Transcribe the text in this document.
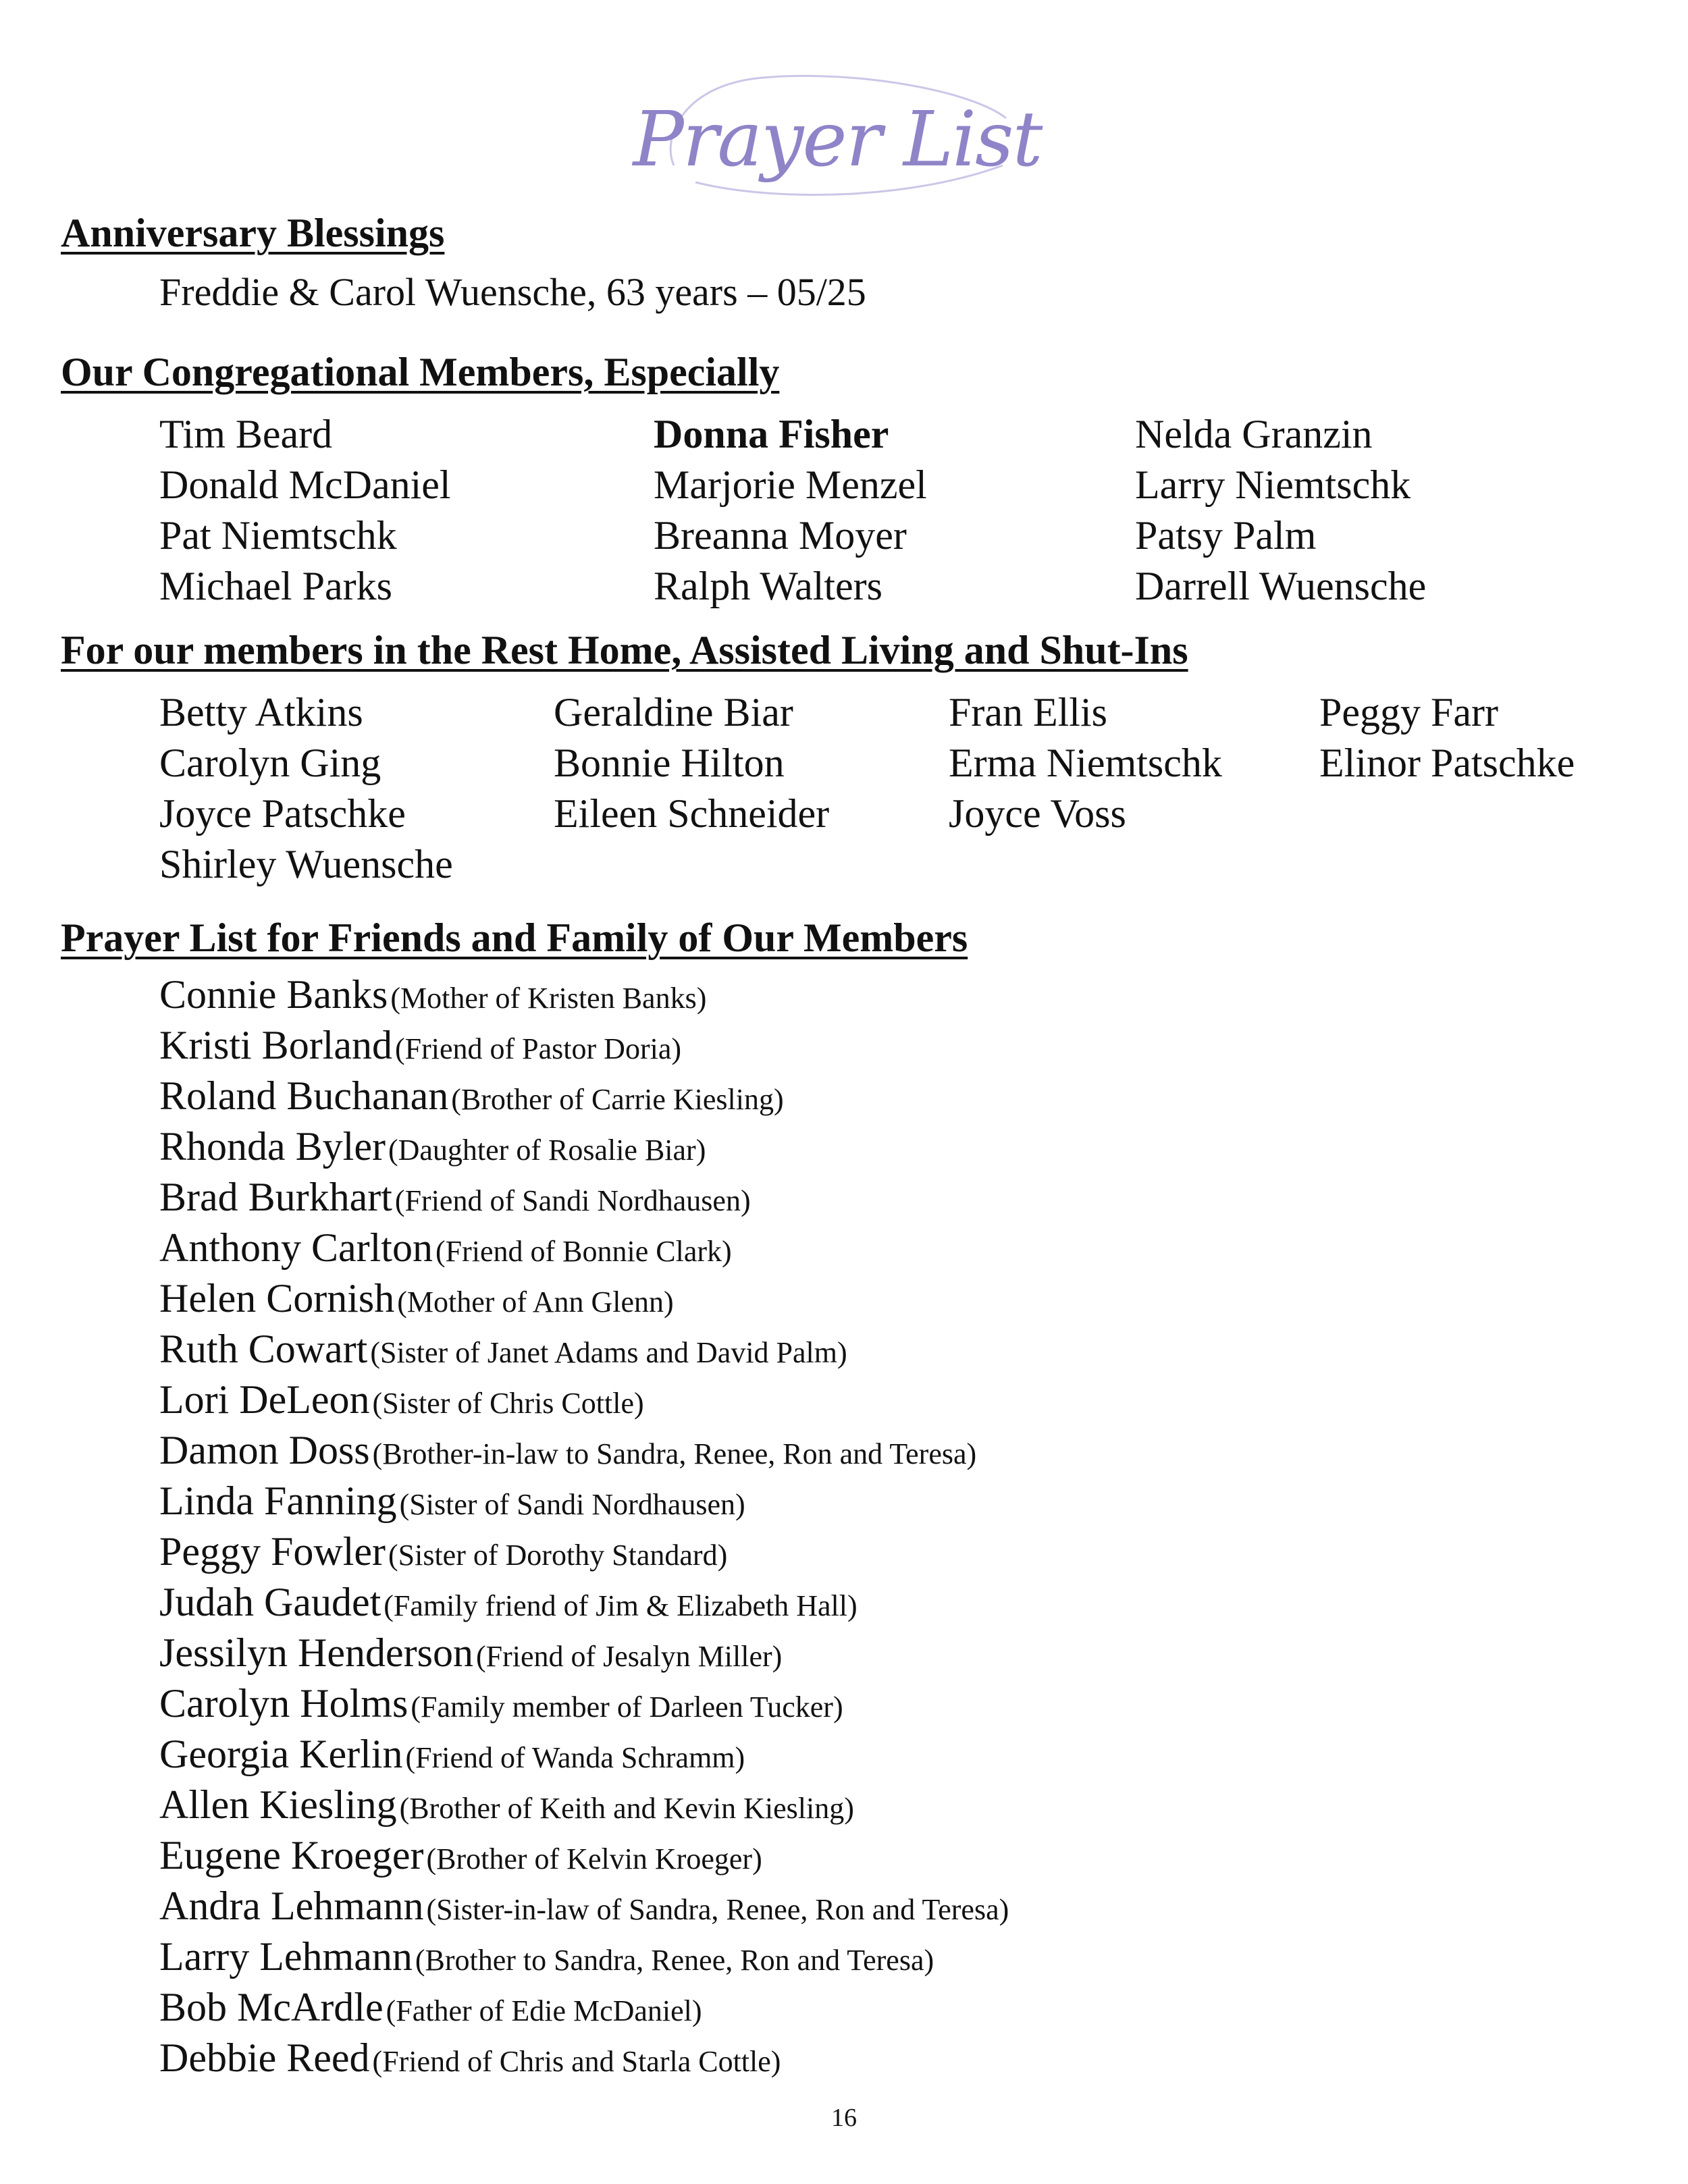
Prayer List
Anniversary Blessings
Freddie & Carol Wuensche, 63 years – 05/25
Our Congregational Members, Especially
Tim Beard	Donna Fisher	Nelda Granzin
Donald McDaniel	Marjorie Menzel	Larry Niemtschk
Pat Niemtschk	Breanna Moyer	Patsy Palm
Michael Parks	Ralph Walters	Darrell Wuensche
For our members in the Rest Home, Assisted Living and Shut-Ins
Betty Atkins	Geraldine Biar	Fran Ellis	Peggy Farr
Carolyn Ging	Bonnie Hilton	Erma Niemtschk	Elinor Patschke
Joyce Patschke	Eileen Schneider	Joyce Voss
Shirley Wuensche
Prayer List for Friends and Family of Our Members
Connie Banks (Mother of Kristen Banks)
Kristi Borland (Friend of Pastor Doria)
Roland Buchanan (Brother of Carrie Kiesling)
Rhonda Byler (Daughter of Rosalie Biar)
Brad Burkhart (Friend of Sandi Nordhausen)
Anthony Carlton (Friend of Bonnie Clark)
Helen Cornish (Mother of Ann Glenn)
Ruth Cowart (Sister of Janet Adams and David Palm)
Lori DeLeon (Sister of Chris Cottle)
Damon Doss (Brother-in-law to Sandra, Renee, Ron and Teresa)
Linda Fanning (Sister of Sandi Nordhausen)
Peggy Fowler (Sister of Dorothy Standard)
Judah Gaudet (Family friend of Jim & Elizabeth Hall)
Jessilyn Henderson (Friend of Jesalyn Miller)
Carolyn Holms (Family member of Darleen Tucker)
Georgia Kerlin (Friend of Wanda Schramm)
Allen Kiesling (Brother of Keith and Kevin Kiesling)
Eugene Kroeger (Brother of Kelvin Kroeger)
Andra Lehmann (Sister-in-law of Sandra, Renee, Ron and Teresa)
Larry Lehmann (Brother to Sandra, Renee, Ron and Teresa)
Bob McArdle (Father of Edie McDaniel)
Debbie Reed (Friend of Chris and Starla Cottle)
16
